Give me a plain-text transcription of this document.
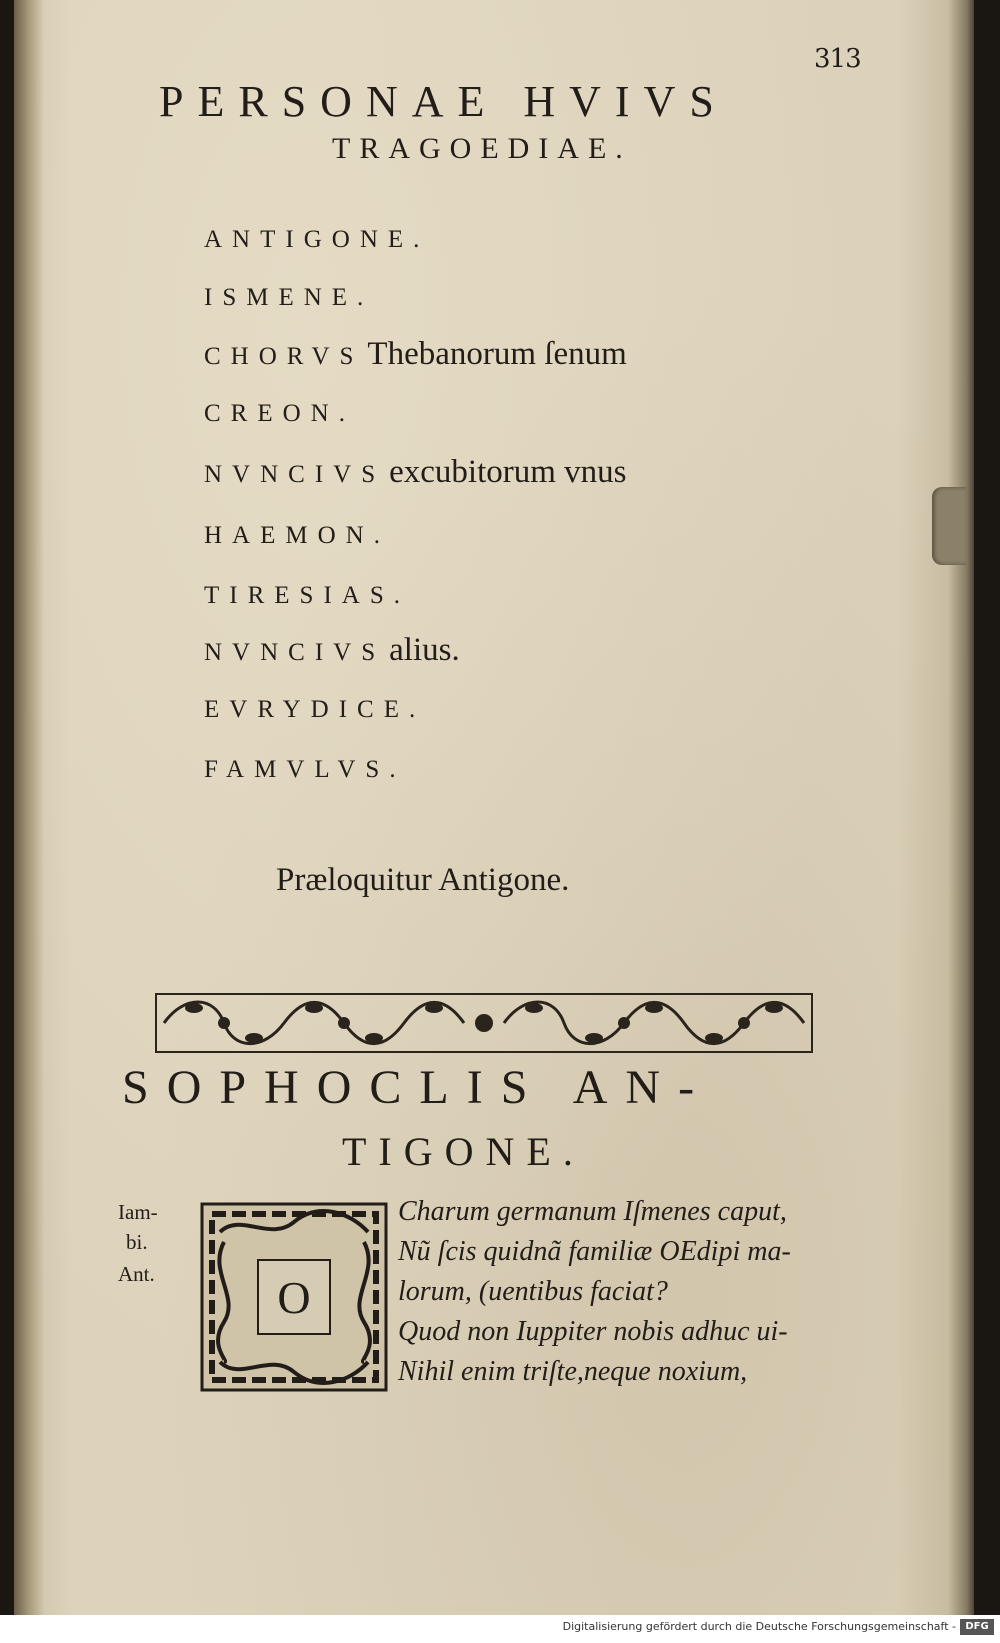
313
PERSONAE HVIVS
TRAGOEDIAE.
ANTIGONE.
ISMENE.
CHORVS Thebanorum ſenum
CREON.
NVNCIVS excubitorum vnus
HAEMON.
TIRESIAS.
NVNCIVS alius.
EVRYDICE.
FAMVLVS.
Præloquitur Antigone.
SOPHOCLIS AN-
TIGONE.
Iam-
bi.
Ant.	O
Charum germanum Iſmenes caput,
Nũ ſcis quidnã familiæ OEdipi ma-
lorum, (uentibus faciat?
Quod non Iuppiter nobis adhuc ui-
Nihil enim triſte,neque noxium,
Digitalisierung gefördert durch die Deutsche Forschungsgemeinschaft - DFG
